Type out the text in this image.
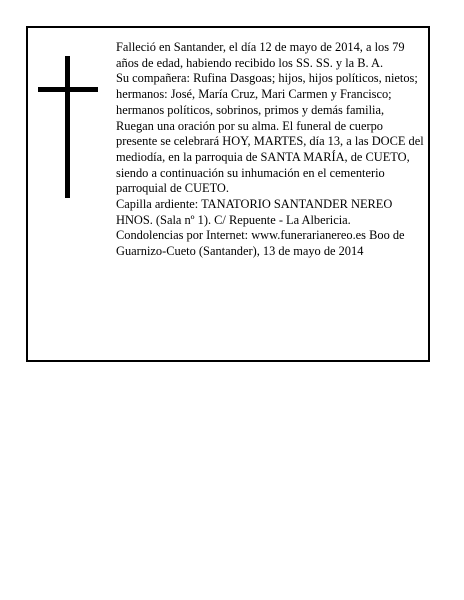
Falleció en Santander, el día 12 de mayo de 2014, a los 79 años de edad, habiendo recibido los SS. SS. y la B. A.

Su compañera: Rufina Dasgoas; hijos, hijos políticos, nietos; hermanos: José, María Cruz, Mari Carmen y Francisco; hermanos políticos, sobrinos, primos y demás familia,

Ruegan una oración por su alma. El funeral de cuerpo presente se celebrará HOY, MARTES, día 13, a las DOCE del mediodía, en la parroquia de SANTA MARÍA, de CUETO, siendo a continuación su inhumación en el cementerio parroquial de CUETO.

Capilla ardiente: TANATORIO SANTANDER NEREO HNOS. (Sala nº 1). C/ Repuente - La Albericia.

Condolencias por Internet: www.funerarianereo.es Boo de Guarnizo-Cueto (Santander), 13 de mayo de 2014
